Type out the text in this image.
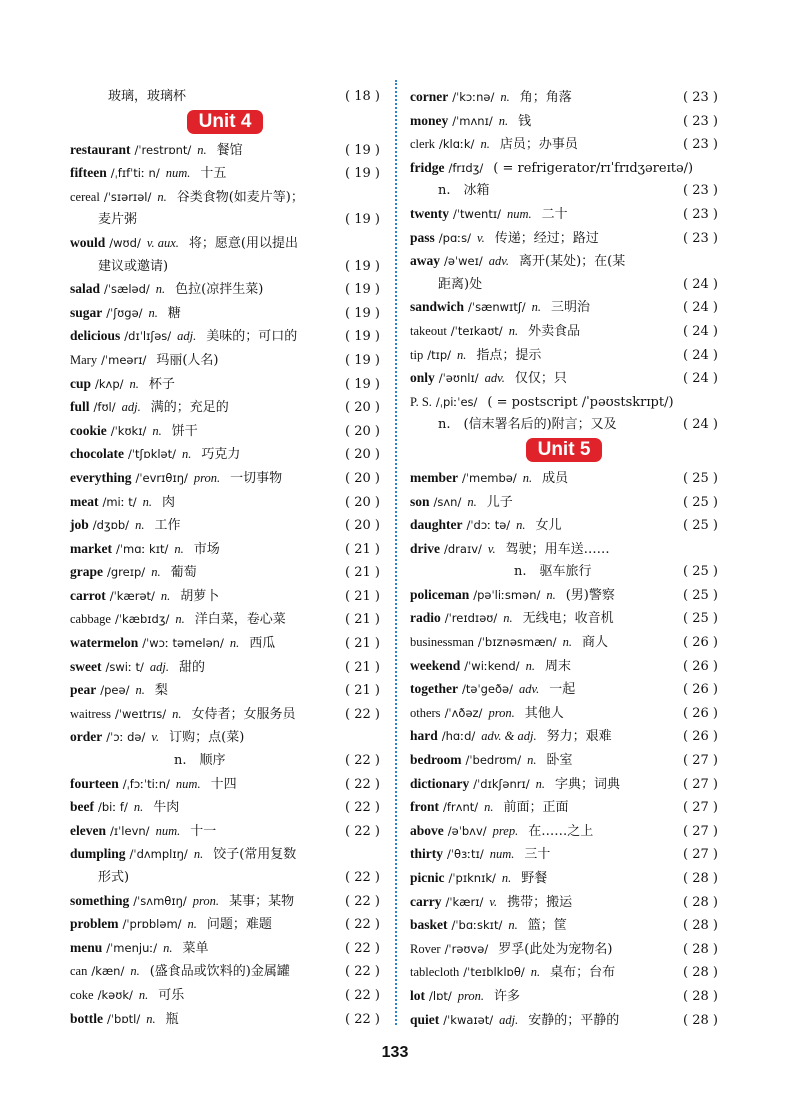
玻璃，玻璃杯	( 18 )
Unit 4
restaurant /ˈrestrɒnt/ n. 餐馆	( 19 )
fifteen /ˌfɪfˈtiː n/ num. 十五	( 19 )
cereal /ˈsɪərɪəl/ n. 谷类食物(如麦片等)；
麦片粥	( 19 )
would /wʊd/ v. aux. 将；愿意(用以提出
建议或邀请)	( 19 )
salad /ˈsæləd/ n. 色拉(凉拌生菜)	( 19 )
sugar /ˈʃʊgə/ n. 糖	( 19 )
delicious /dɪˈlɪʃəs/ adj. 美味的；可口的	( 19 )
Mary /ˈmeərɪ/ 玛丽(人名)	( 19 )
cup /kʌp/ n. 杯子	( 19 )
full /fʊl/ adj. 满的；充足的	( 20 )
cookie /ˈkʊkɪ/ n. 饼干	( 20 )
chocolate /ˈtʃɒklət/ n. 巧克力	( 20 )
everything /ˈevrɪθɪŋ/ pron. 一切事物	( 20 )
meat /miː t/ n. 肉	( 20 )
job /dʒɒb/ n. 工作	( 20 )
market /ˈmɑː kɪt/ n. 市场	( 21 )
grape /greɪp/ n. 葡萄	( 21 )
carrot /ˈkærət/ n. 胡萝卜	( 21 )
cabbage /ˈkæbɪdʒ/ n. 洋白菜，卷心菜	( 21 )
watermelon /ˈwɔː təmelən/ n. 西瓜	( 21 )
sweet /swiː t/ adj. 甜的	( 21 )
pear /peə/ n. 梨	( 21 )
waitress /ˈweɪtrɪs/ n. 女侍者；女服务员	( 22 )
order /ˈɔː də/ v. 订购；点(菜)
n.　顺序	( 22 )
fourteen /ˌfɔːˈtiːn/ num. 十四	( 22 )
beef /biː f/ n. 牛肉	( 22 )
eleven /ɪˈlevn/ num. 十一	( 22 )
dumpling /ˈdʌmplɪŋ/ n. 饺子(常用复数
形式)	( 22 )
something /ˈsʌmθɪŋ/ pron. 某事；某物	( 22 )
problem /ˈprɒbləm/ n. 问题；难题	( 22 )
menu /ˈmenjuː/ n. 菜单	( 22 )
can /kæn/ n. (盛食品或饮料的)金属罐	( 22 )
coke /kəʊk/ n. 可乐	( 22 )
bottle /ˈbɒtl/ n. 瓶	( 22 )
corner /ˈkɔːnə/ n. 角；角落	( 23 )
money /ˈmʌnɪ/ n. 钱	( 23 )
clerk /klɑːk/ n. 店员；办事员	( 23 )
fridge /frɪdʒ/ ( = refrigerator/rɪˈfrɪdʒəreɪtə/)
n.　冰箱	( 23 )
twenty /ˈtwentɪ/ num. 二十	( 23 )
pass /pɑːs/ v. 传递；经过；路过	( 23 )
away /əˈweɪ/ adv. 离开(某处)；在(某
距离)处	( 24 )
sandwich /ˈsænwɪtʃ/ n. 三明治	( 24 )
takeout /ˈteɪkaʊt/ n. 外卖食品	( 24 )
tip /tɪp/ n. 指点；提示	( 24 )
only /ˈəʊnlɪ/ adv. 仅仅；只	( 24 )
P. S. /ˌpiːˈes/ ( = postscript /ˈpəʊstskrɪpt/)
n.　(信末署名后的)附言；又及	( 24 )
Unit 5
member /ˈmembə/ n. 成员	( 25 )
son /sʌn/ n. 儿子	( 25 )
daughter /ˈdɔː tə/ n. 女儿	( 25 )
drive /draɪv/ v. 驾驶；用车送……
n.　驱车旅行	( 25 )
policeman /pəˈliːsmən/ n. (男)警察	( 25 )
radio /ˈreɪdɪəʊ/ n. 无线电；收音机	( 25 )
businessman /ˈbɪznəsmæn/ n. 商人	( 26 )
weekend /ˈwiːkend/ n. 周末	( 26 )
together /təˈgeðə/ adv. 一起	( 26 )
others /ˈʌðəz/ pron. 其他人	( 26 )
hard /hɑːd/ adv. & adj. 努力；艰难	( 26 )
bedroom /ˈbedrʊm/ n. 卧室	( 27 )
dictionary /ˈdɪkʃənrɪ/ n. 字典；词典	( 27 )
front /frʌnt/ n. 前面；正面	( 27 )
above /əˈbʌv/ prep. 在……之上	( 27 )
thirty /ˈθɜːtɪ/ num. 三十	( 27 )
picnic /ˈpɪknɪk/ n. 野餐	( 28 )
carry /ˈkærɪ/ v. 携带；搬运	( 28 )
basket /ˈbɑːskɪt/ n. 篮；筐	( 28 )
Rover /ˈrəʊvə/ 罗孚(此处为宠物名)	( 28 )
tablecloth /ˈteɪblklɒθ/ n. 桌布；台布	( 28 )
lot /lɒt/ pron. 许多	( 28 )
quiet /ˈkwaɪət/ adj. 安静的；平静的	( 28 )
133
